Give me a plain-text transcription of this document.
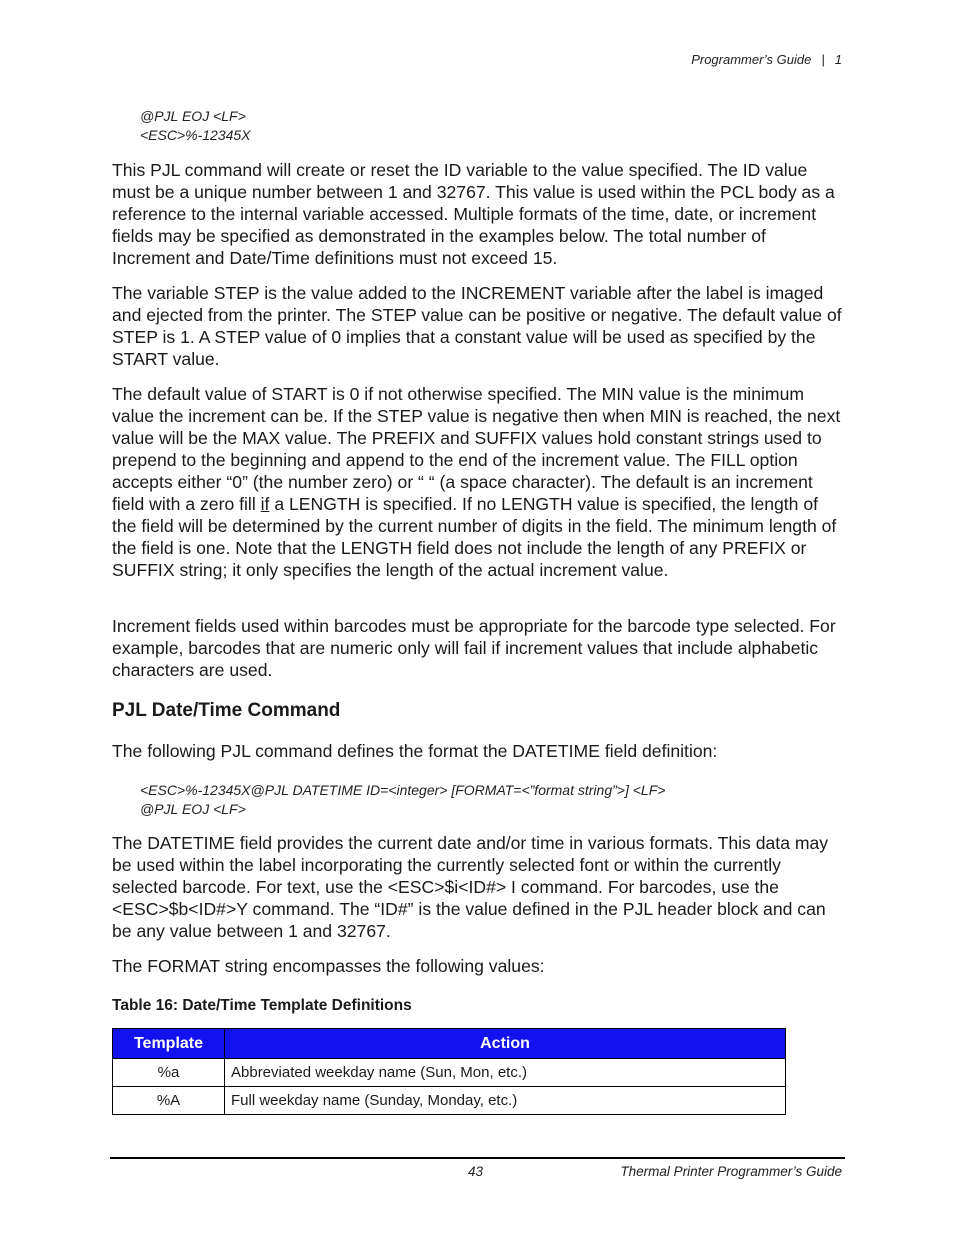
Programmer’s Guide | 1
@PJL EOJ <LF>
<ESC>%-12345X

This PJL command will create or reset the ID variable to the value specified. The ID value must be a unique number between 1 and 32767. This value is used within the PCL body as a reference to the internal variable accessed. Multiple formats of the time, date, or increment fields may be specified as demonstrated in the examples below. The total number of Increment and Date/Time definitions must not exceed 15.

The variable STEP is the value added to the INCREMENT variable after the label is imaged and ejected from the printer. The STEP value can be positive or negative. The default value of STEP is 1. A STEP value of 0 implies that a constant value will be used as specified by the START value.

The default value of START is 0 if not otherwise specified. The MIN value is the minimum value the increment can be. If the STEP value is negative then when MIN is reached, the next value will be the MAX value. The PREFIX and SUFFIX values hold constant strings used to prepend to the beginning and append to the end of the increment value. The FILL option accepts either “0” (the number zero) or “ “ (a space character). The default is an increment field with a zero fill if a LENGTH is specified. If no LENGTH value is specified, the length of the field will be determined by the current number of digits in the field. The minimum length of the field is one. Note that the LENGTH field does not include the length of any PREFIX or SUFFIX string; it only specifies the length of the actual increment value.

Increment fields used within barcodes must be appropriate for the barcode type selected. For example, barcodes that are numeric only will fail if increment values that include alphabetic characters are used.

PJL Date/Time Command

The following PJL command defines the format the DATETIME field definition:

<ESC>%-12345X@PJL DATETIME ID=<integer> [FORMAT=<”format string”>] <LF>
@PJL EOJ <LF>

The DATETIME field provides the current date and/or time in various formats. This data may be used within the label incorporating the currently selected font or within the currently selected barcode. For text, use the <ESC>$i<ID#> I command. For barcodes, use the <ESC>$b<ID#>Y command. The “ID#” is the value defined in the PJL header block and can be any value between 1 and 32767.

The FORMAT string encompasses the following values:

Table 16: Date/Time Template Definitions
Template	Action
%a	Abbreviated weekday name (Sun, Mon, etc.)
%A	Full weekday name (Sunday, Monday, etc.)
43	Thermal Printer Programmer’s Guide
